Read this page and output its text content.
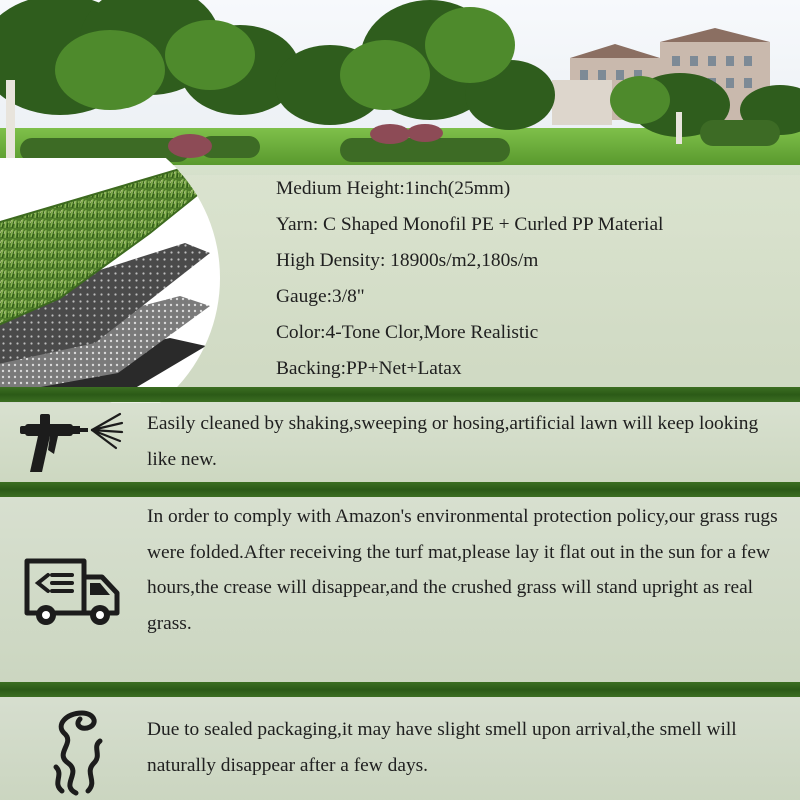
Medium Height:1inch(25mm)
Yarn: C Shaped Monofil PE + Curled PP Material
High Density: 18900s/m2,180s/m
Gauge:3/8"
Color:4-Tone Clor,More Realistic
Backing:PP+Net+Latax

Easily cleaned by shaking,sweeping or hosing,artificial lawn will keep looking like new.

In order to comply with Amazon's environmental protection policy,our grass rugs were folded.After receiving the turf mat,please lay it flat out in the sun for a few hours,the crease will disappear,and the crushed grass will stand upright as real grass.

Due to sealed packaging,it may have slight smell upon arrival,the smell will naturally disappear after a few days.
